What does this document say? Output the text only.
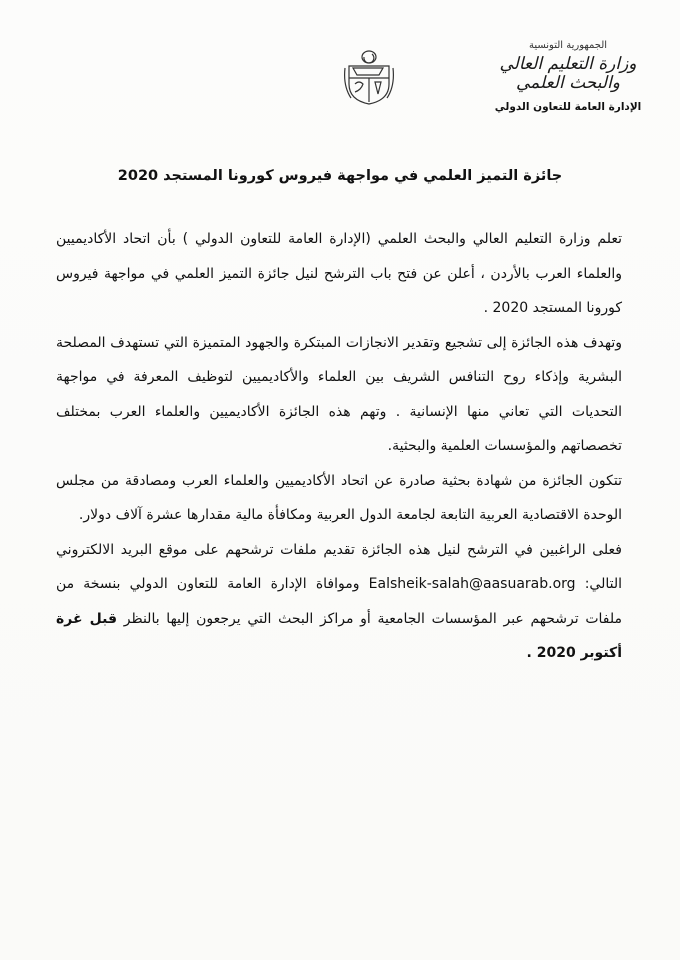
الجمهورية التونسية
وزارة التعليم العالي
والبحث العلمي
الإدارة العامة للتعاون الدولي
جائزة التميز العلمي في مواجهة فيروس كورونا المستجد 2020

تعلم وزارة التعليم العالي والبحث العلمي (الإدارة العامة للتعاون الدولي ) بأن اتحاد الأكاديميين والعلماء العرب بالأردن ، أعلن عن فتح باب الترشح لنيل جائزة التميز العلمي في مواجهة فيروس كورونا المستجد 2020 .

وتهدف هذه الجائزة إلى تشجيع وتقدير الانجازات المبتكرة والجهود المتميزة التي تستهدف المصلحة البشرية وإذكاء روح التنافس الشريف بين العلماء والأكاديميين لتوظيف المعرفة في مواجهة التحديات التي تعاني منها الإنسانية . وتهم هذه الجائزة الأكاديميين والعلماء العرب بمختلف تخصصاتهم والمؤسسات العلمية والبحثية.

تتكون الجائزة من شهادة بحثية صادرة عن اتحاد الأكاديميين والعلماء العرب ومصادقة من مجلس الوحدة الاقتصادية العربية التابعة لجامعة الدول العربية ومكافأة مالية مقدارها عشرة آلاف دولار.

فعلى الراغبين في الترشح لنيل هذه الجائزة تقديم ملفات ترشحهم على موقع البريد الالكتروني التالي: Ealsheik-salah@aasuarab.org وموافاة الإدارة العامة للتعاون الدولي بنسخة من ملفات ترشحهم عبر المؤسسات الجامعية أو مراكز البحث التي يرجعون إليها بالنظر قبل غرة أكتوبر 2020 .
